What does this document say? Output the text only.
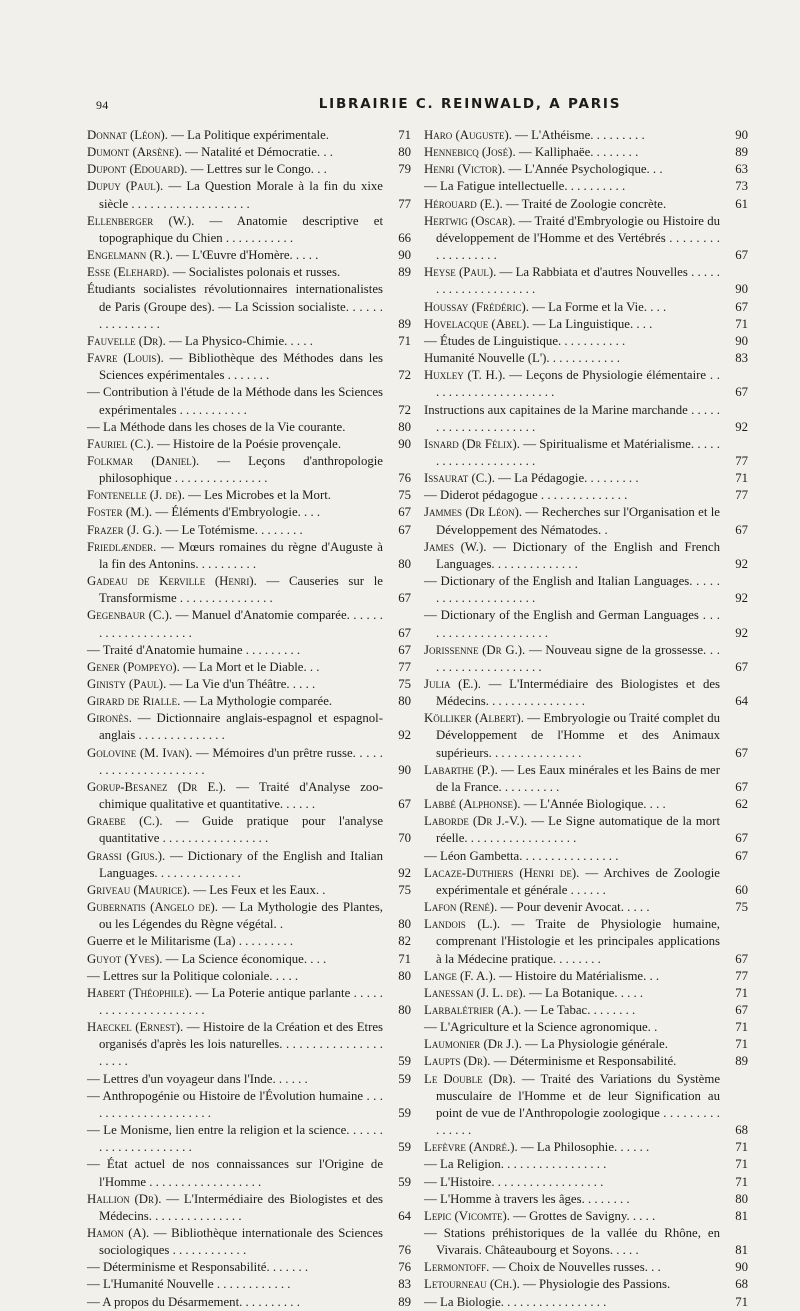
94	LIBRAIRIE C. REINWALD, A PARIS

Donnat (Léon). — La Politique expérimentale.	71

Dumont (Arsène). — Natalité et Démocratie. . .	80

Dupont (Edouard). — Lettres sur le Congo. . .	79

Dupuy (Paul). — La Question Morale à la fin du xixe siècle . . . . . . . . . . . . . . . . . . .	77

Ellenberger (W.). — Anatomie descriptive et topographique du Chien . . . . . . . . . . .	66

Engelmann (R.). — L'Œuvre d'Homère. . . . .	90

Esse (Elehard). — Socialistes polonais et russes.	89

Étudiants socialistes révolutionnaires internationalistes de Paris (Groupe des). — La Scission socialiste. . . . . . . . . . . . . . . .	89

Fauvelle (Dr). — La Physico-Chimie. . . . .	71

Favre (Louis). — Bibliothèque des Méthodes dans les Sciences expérimentales . . . . . . .	72

— Contribution à l'étude de la Méthode dans les Sciences expérimentales . . . . . . . . . . .	72

— La Méthode dans les choses de la Vie courante.	80

Fauriel (C.). — Histoire de la Poésie provençale.	90

Folkmar (Daniel). — Leçons d'anthropologie philosophique . . . . . . . . . . . . . . .	76

Fontenelle (J. de). — Les Microbes et la Mort.	75

Foster (M.). — Éléments d'Embryologie. . . .	67

Frazer (J. G.). — Le Totémisme. . . . . . . .	67

Friedlænder. — Mœurs romaines du règne d'Auguste à la fin des Antonins. . . . . . . . . .	80

Gadeau de Kerville (Henri). — Causeries sur le Transformisme . . . . . . . . . . . . . . .	67

Gegenbaur (C.). — Manuel d'Anatomie comparée. . . . . . . . . . . . . . . . . . . . .	67

— Traité d'Anatomie humaine . . . . . . . . .	67

Gener (Pompeyo). — La Mort et le Diable. . .	77

Ginisty (Paul). — La Vie d'un Théâtre. . . . .	75

Girard de Rialle. — La Mythologie comparée.	80

Gironès. — Dictionnaire anglais-espagnol et espagnol-anglais . . . . . . . . . . . . . .	92

Golovine (M. Ivan). — Mémoires d'un prêtre russe. . . . . . . . . . . . . . . . . . . . . .	90

Gorup-Besanez (Dr E.). — Traité d'Analyse zoo-chimique qualitative et quantitative. . . . . .	67

Graebe (C.). — Guide pratique pour l'analyse quantitative . . . . . . . . . . . . . . . . .	70

Grassi (Gius.). — Dictionary of the English and Italian Languages. . . . . . . . . . . . . .	92

Griveau (Maurice). — Les Feux et les Eaux. .	75

Gubernatis (Angelo de). — La Mythologie des Plantes, ou les Légendes du Règne végétal. .	80

Guerre et le Militarisme (La) . . . . . . . . .	82

Guyot (Yves). — La Science économique. . . .	71

— Lettres sur la Politique coloniale. . . . .	80

Habert (Théophile). — La Poterie antique parlante . . . . . . . . . . . . . . . . . . . . . .	80

Haeckel (Ernest). — Histoire de la Création et des Etres organisés d'après les lois naturelles. . . . . . . . . . . . . . . . . . . . .	59

— Lettres d'un voyageur dans l'Inde. . . . . .	59

— Anthropogénie ou Histoire de l'Évolution humaine . . . . . . . . . . . . . . . . . . . . .	59

— Le Monisme, lien entre la religion et la science. . . . . . . . . . . . . . . . . . . . .	59

— État actuel de nos connaissances sur l'Origine de l'Homme . . . . . . . . . . . . . . . . . .	59

Hallion (Dr). — L'Intermédiaire des Biologistes et des Médecins. . . . . . . . . . . . . . .	64

Hamon (A). — Bibliothèque internationale des Sciences sociologiques . . . . . . . . . . . .	76

— Déterminisme et Responsabilité. . . . . . .	76

— L'Humanité Nouvelle . . . . . . . . . . . .	83

— A propos du Désarmement. . . . . . . . . .	89

Haro (Auguste). — L'Athéisme. . . . . . . . .	90

Hennebicq (José). — Kalliphaëe. . . . . . . .	89

Henri (Victor). — L'Année Psychologique. . .	63

— La Fatigue intellectuelle. . . . . . . . . .	73

Hérouard (E.). — Traité de Zoologie concrète.	61

Hertwig (Oscar). — Traité d'Embryologie ou Histoire du développement de l'Homme et des Vertébrés . . . . . . . . . . . . . . . . . .	67

Heyse (Paul). — La Rabbiata et d'autres Nouvelles . . . . . . . . . . . . . . . . . . . . .	90

Houssay (Frédéric). — La Forme et la Vie. . . .	67

Hovelacque (Abel). — La Linguistique. . . .	71

— Études de Linguistique. . . . . . . . . . .	90

Humanité Nouvelle (L'). . . . . . . . . . . .	83

Huxley (T. H.). — Leçons de Physiologie élémentaire . . . . . . . . . . . . . . . . . . . . .	67

Instructions aux capitaines de la Marine marchande . . . . . . . . . . . . . . . . . . . . .	92

Isnard (Dr Félix). — Spiritualisme et Matérialisme. . . . . . . . . . . . . . . . . . . . .	77

Issaurat (C.). — La Pédagogie. . . . . . . . .	71

— Diderot pédagogue . . . . . . . . . . . . . .	77

Jammes (Dr Léon). — Recherches sur l'Organisation et le Développement des Nématodes. .	67

James (W.). — Dictionary of the English and French Languages. . . . . . . . . . . . . .	92

— Dictionary of the English and Italian Languages. . . . . . . . . . . . . . . . . . . . .	92

— Dictionary of the English and German Languages . . . . . . . . . . . . . . . . . . . . .	92

Jorissenne (Dr G.). — Nouveau signe de la grossesse. . . . . . . . . . . . . . . . . . . .	67

Julia (E.). — L'Intermédiaire des Biologistes et des Médecins. . . . . . . . . . . . . . . .	64

Kölliker (Albert). — Embryologie ou Traité complet du Développement de l'Homme et des Animaux supérieurs. . . . . . . . . . . . . . .	67

Labarthe (P.). — Les Eaux minérales et les Bains de mer de la France. . . . . . . . . .	67

Labbé (Alphonse). — L'Année Biologique. . . .	62

Laborde (Dr J.-V.). — Le Signe automatique de la mort réelle. . . . . . . . . . . . . . . . . .	67

— Léon Gambetta. . . . . . . . . . . . . . . .	67

Lacaze-Duthiers (Henri de). — Archives de Zoologie expérimentale et générale . . . . . .	60

Lafon (René). — Pour devenir Avocat. . . . .	75

Landois (L.). — Traite de Physiologie humaine, comprenant l'Histologie et les principales applications à la Médecine pratique. . . . . . . .	67

Lange (F. A.). — Histoire du Matérialisme. . .	77

Lanessan (J. L. de). — La Botanique. . . . .	71

Larbalétrier (A.). — Le Tabac. . . . . . . .	67

— L'Agriculture et la Science agronomique. .	71

Laumonier (Dr J.). — La Physiologie générale.	71

Laupts (Dr). — Déterminisme et Responsabilité.	89

Le Double (Dr). — Traité des Variations du Système musculaire de l'Homme et de leur Signification au point de vue de l'Anthropologie zoologique . . . . . . . . . . . . . . .	68

Lefèvre (André.). — La Philosophie. . . . . .	71

— La Religion. . . . . . . . . . . . . . . . .	71

— L'Histoire. . . . . . . . . . . . . . . . . .	71

— L'Homme à travers les âges. . . . . . . .	80

Lepic (Vicomte). — Grottes de Savigny. . . . .	81

— Stations préhistoriques de la vallée du Rhône, en Vivarais. Châteaubourg et Soyons. . . . .	81

Lermontoff. — Choix de Nouvelles russes. . .	90

Letourneau (Ch.). — Physiologie des Passions.	68

— La Biologie. . . . . . . . . . . . . . . . .	71
